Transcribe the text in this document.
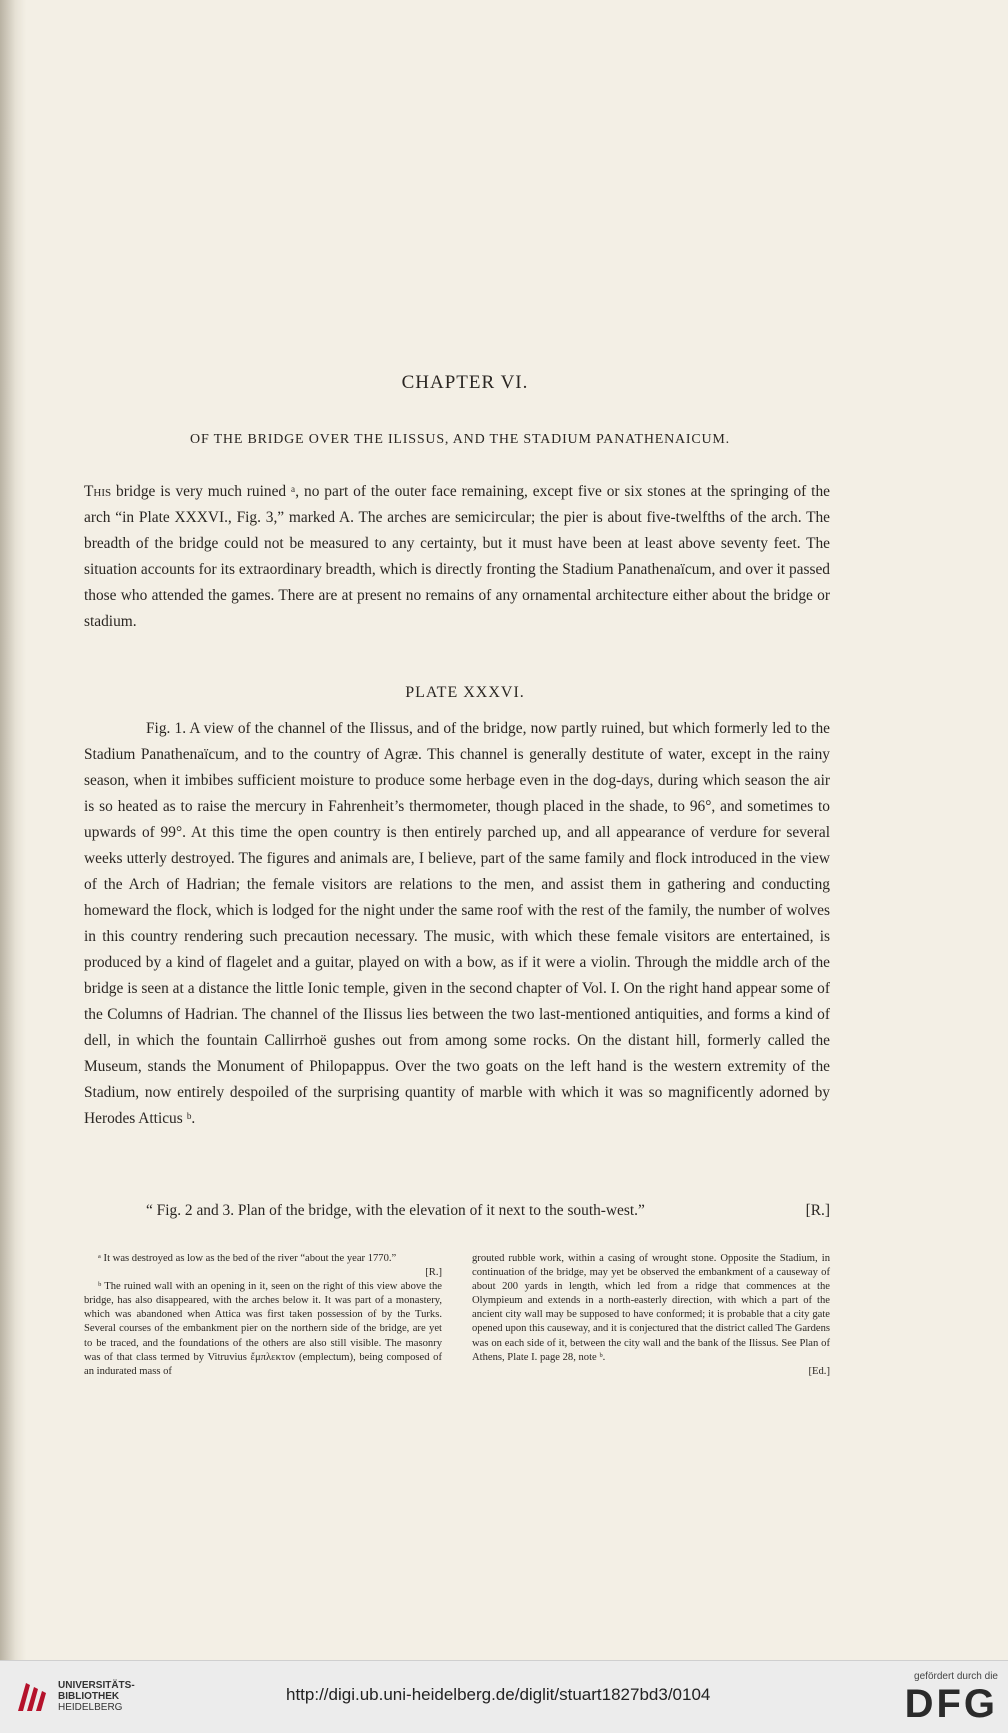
CHAPTER VI.
OF THE BRIDGE OVER THE ILISSUS, AND THE STADIUM PANATHENAICUM.

This bridge is very much ruined ᵃ, no part of the outer face remaining, except five or six stones at the springing of the arch “in Plate XXXVI., Fig. 3,” marked A. The arches are semicircular; the pier is about five-twelfths of the arch. The breadth of the bridge could not be measured to any certainty, but it must have been at least above seventy feet. The situation accounts for its extraordinary breadth, which is directly fronting the Stadium Panathenaïcum, and over it passed those who attended the games. There are at present no remains of any ornamental architecture either about the bridge or stadium.

PLATE XXXVI.

Fig. 1. A view of the channel of the Ilissus, and of the bridge, now partly ruined, but which formerly led to the Stadium Panathenaïcum, and to the country of Agræ. This channel is generally destitute of water, except in the rainy season, when it imbibes sufficient moisture to produce some herbage even in the dog-days, during which season the air is so heated as to raise the mercury in Fahrenheit’s thermometer, though placed in the shade, to 96°, and sometimes to upwards of 99°. At this time the open country is then entirely parched up, and all appearance of verdure for several weeks utterly destroyed. The figures and animals are, I believe, part of the same family and flock introduced in the view of the Arch of Hadrian; the female visitors are relations to the men, and assist them in gathering and conducting homeward the flock, which is lodged for the night under the same roof with the rest of the family, the number of wolves in this country rendering such precaution necessary. The music, with which these female visitors are entertained, is produced by a kind of flagelet and a guitar, played on with a bow, as if it were a violin. Through the middle arch of the bridge is seen at a distance the little Ionic temple, given in the second chapter of Vol. I. On the right hand appear some of the Columns of Hadrian. The channel of the Ilissus lies between the two last-mentioned antiquities, and forms a kind of dell, in which the fountain Callirrhoë gushes out from among some rocks. On the distant hill, formerly called the Museum, stands the Monument of Philopappus. Over the two goats on the left hand is the western extremity of the Stadium, now entirely despoiled of the surprising quantity of marble with which it was so magnificently adorned by Herodes Atticus ᵇ.

“ Fig. 2 and 3. Plan of the bridge, with the elevation of it next to the south-west.”	[R.]

ᵃ It was destroyed as low as the bed of the river “about the year 1770.”

[R.]

ᵇ The ruined wall with an opening in it, seen on the right of this view above the bridge, has also disappeared, with the arches below it. It was part of a monastery, which was abandoned when Attica was first taken possession of by the Turks. Several courses of the embankment pier on the northern side of the bridge, are yet to be traced, and the foundations of the others are also still visible. The masonry was of that class termed by Vitruvius ἔμπλεκτον (emplectum), being composed of an indurated mass of

grouted rubble work, within a casing of wrought stone. Opposite the Stadium, in continuation of the bridge, may yet be observed the embankment of a causeway of about 200 yards in length, which led from a ridge that commences at the Olympieum and extends in a north-easterly direction, with which a part of the ancient city wall may be supposed to have conformed; it is probable that a city gate opened upon this causeway, and it is conjectured that the district called The Gardens was on each side of it, between the city wall and the bank of the Ilissus. See Plan of Athens, Plate I. page 28, note ᵇ.

[Ed.]
UNIVERSITÄTS-
BIBLIOTHEK
HEIDELBERG
http://digi.ub.uni-heidelberg.de/diglit/stuart1827bd3/0104
gefördert durch die
DFG
